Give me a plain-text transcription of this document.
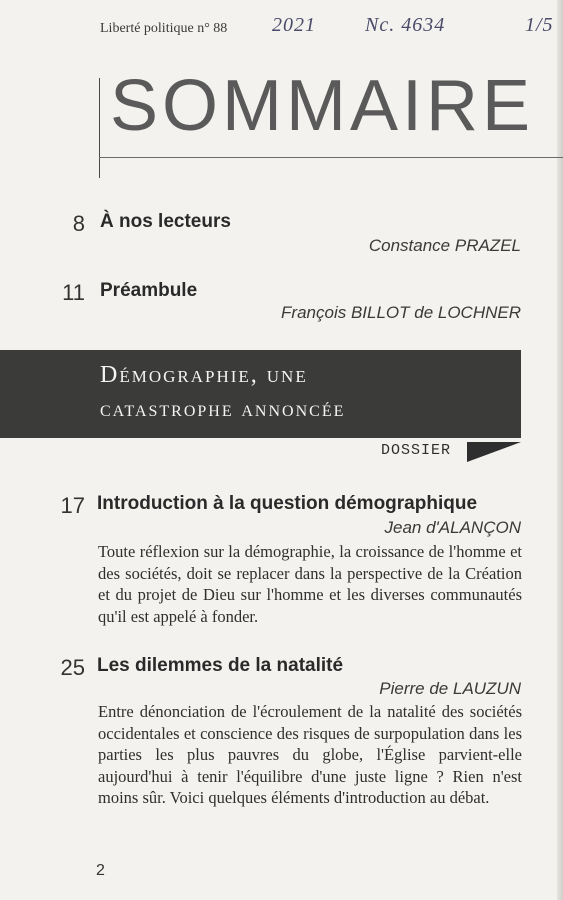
Liberté politique n° 88 2021 Nc. 4634	1/5
SOMMAIRE
8 À nos lecteurs
Constance PRAZEL
11 Préambule
François BILLOT de LOCHNER
Démographie, une
catastrophe annoncée
DOSSIER
17 Introduction à la question démographique
Jean d'ALANÇON
Toute réflexion sur la démographie, la croissance de l'homme et des sociétés, doit se replacer dans la perspective de la Création et du projet de Dieu sur l'homme et les diverses communautés qu'il est appelé à fonder.
25 Les dilemmes de la natalité
Pierre de LAUZUN
Entre dénonciation de l'écroulement de la natalité des sociétés occidentales et conscience des risques de surpopulation dans les parties les plus pauvres du globe, l'Église parvient-elle aujourd'hui à tenir l'équilibre d'une juste ligne ? Rien n'est moins sûr. Voici quelques éléments d'introduction au débat.
2
